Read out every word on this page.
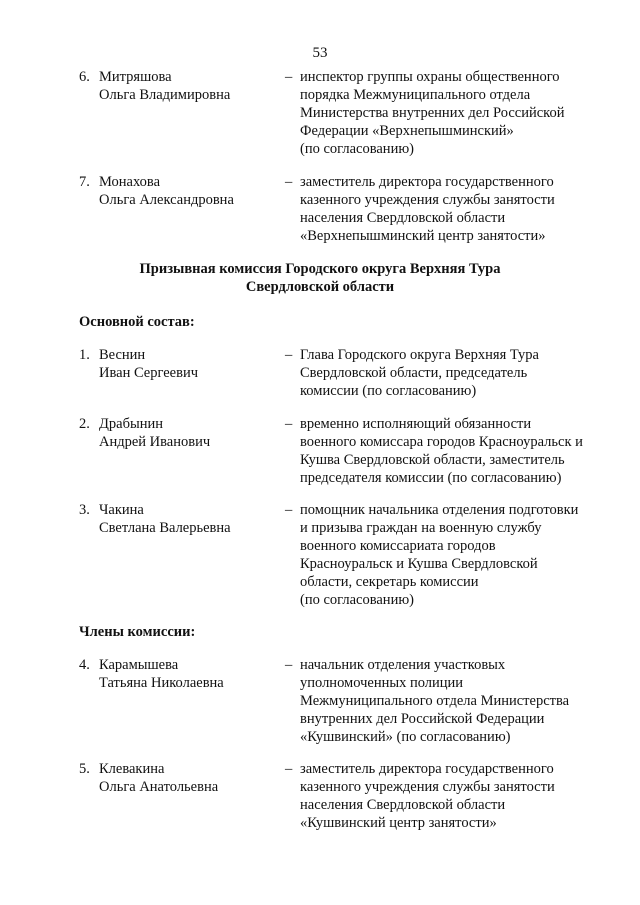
53
6. Митряшова
Ольга Владимировна
– инспектор группы охраны общественного
порядка Межмуниципального отдела
Министерства внутренних дел Российской
Федерации «Верхнепышминский»
(по согласованию)
7. Монахова
Ольга Александровна
– заместитель директора государственного
казенного учреждения службы занятости
населения Свердловской области
«Верхнепышминский центр занятости»
Призывная комиссия Городского округа Верхняя Тура
Свердловской области
Основной состав:
1. Веснин
Иван Сергеевич
– Глава Городского округа Верхняя Тура
Свердловской области, председатель
комиссии (по согласованию)
2. Драбынин
Андрей Иванович
– временно исполняющий обязанности
военного комиссара городов Красноуральск и
Кушва Свердловской области, заместитель
председателя комиссии (по согласованию)
3. Чакина
Светлана Валерьевна
– помощник начальника отделения подготовки
и призыва граждан на военную службу
военного комиссариата городов
Красноуральск и Кушва Свердловской
области, секретарь комиссии
(по согласованию)
Члены комиссии:
4. Карамышева
Татьяна Николаевна
– начальник отделения участковых
уполномоченных полиции
Межмуниципального отдела Министерства
внутренних дел Российской Федерации
«Кушвинский» (по согласованию)
5. Клевакина
Ольга Анатольевна
– заместитель директора государственного
казенного учреждения службы занятости
населения Свердловской области
«Кушвинский центр занятости»
